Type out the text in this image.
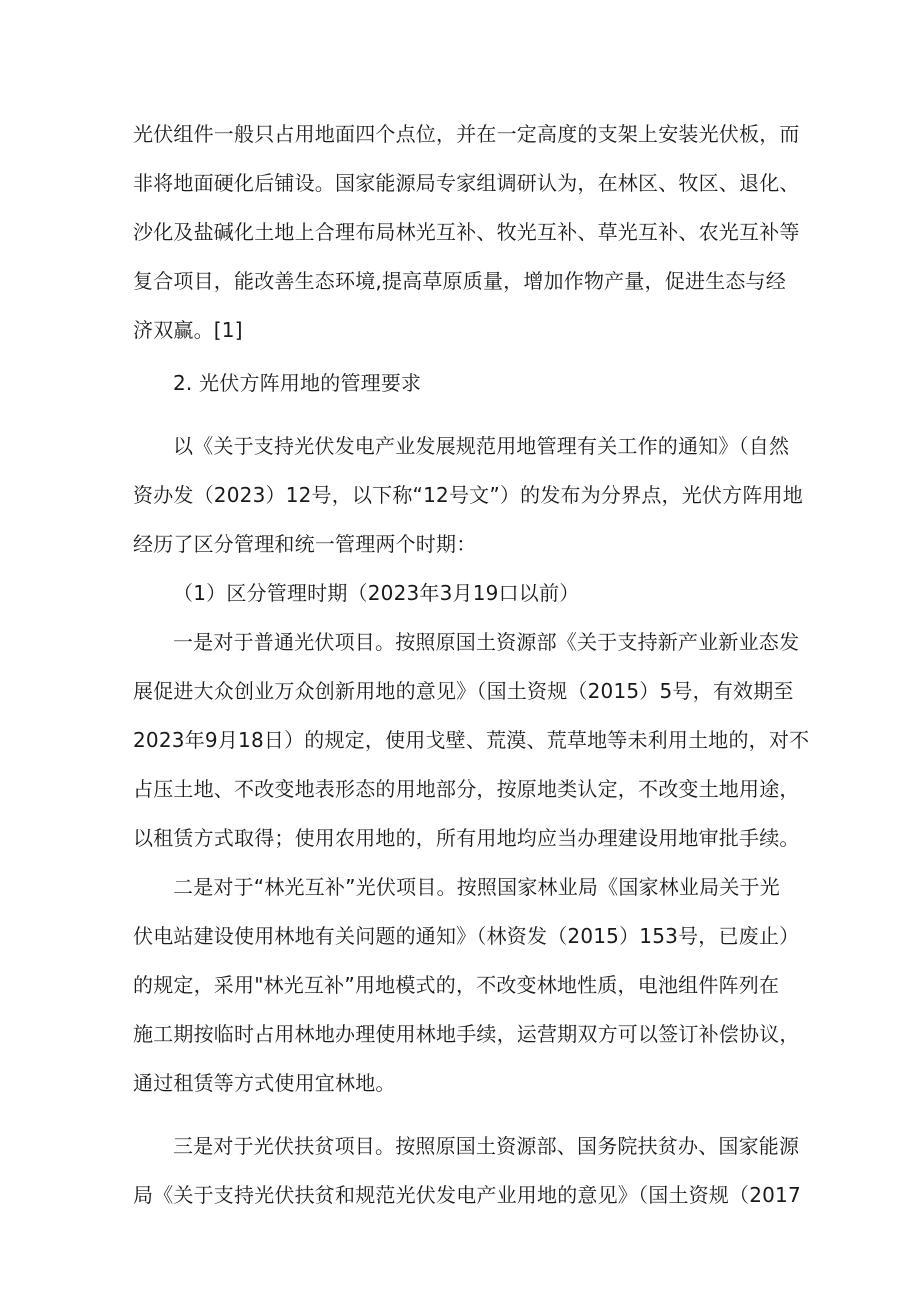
光伏组件一般只占用地面四个点位，并在一定高度的支架上安装光伏板，而
非将地面硬化后铺设。国家能源局专家组调研认为，在林区、牧区、退化、
沙化及盐碱化土地上合理布局林光互补、牧光互补、草光互补、农光互补等
复合项目，能改善生态环境,提高草原质量，增加作物产量，促进生态与经
济双赢。[1]
2. 光伏方阵用地的管理要求
以《关于支持光伏发电产业发展规范用地管理有关工作的通知》（自然
资办发（2023）12号，以下称“12号文”）的发布为分界点，光伏方阵用地
经历了区分管理和统一管理两个时期：
（1）区分管理时期（2023年3月19口以前）
一是对于普通光伏项目。按照原国土资源部《关于支持新产业新业态发
展促进大众创业万众创新用地的意见》（国土资规（2015）5号，有效期至
2023年9月18日）的规定，使用戈壁、荒漠、荒草地等未利用土地的，对不
占压土地、不改变地表形态的用地部分，按原地类认定，不改变土地用途，
以租赁方式取得；使用农用地的，所有用地均应当办理建设用地审批手续。
二是对于“林光互补”光伏项目。按照国家林业局《国家林业局关于光
伏电站建设使用林地有关问题的通知》（林资发（2015）153号，已废止）
的规定，采用"林光互补”用地模式的，不改变林地性质，电池组件阵列在
施工期按临时占用林地办理使用林地手续，运营期双方可以签订补偿协议，
通过租赁等方式使用宜林地。
三是对于光伏扶贫项目。按照原国土资源部、国务院扶贫办、国家能源
局《关于支持光伏扶贫和规范光伏发电产业用地的意见》（国土资规（2017
